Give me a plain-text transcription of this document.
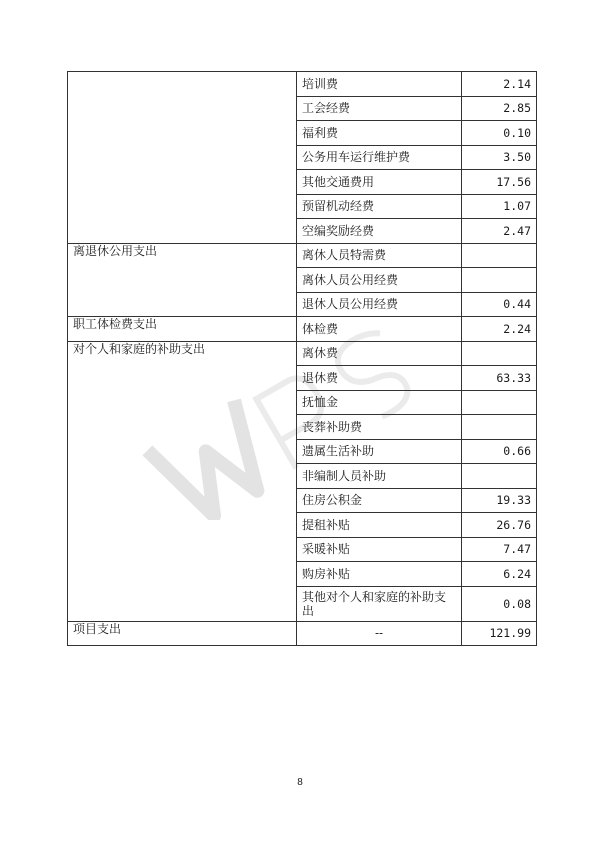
	培训费	2.14
	工会经费	2.85
	福利费	0.10
	公务用车运行维护费	3.50
	其他交通费用	17.56
	预留机动经费	1.07
	空编奖励经费	2.47
离退休公用支出	离休人员特需费	
	离休人员公用经费	
	退休人员公用经费	0.44
职工体检费支出	体检费	2.24
对个人和家庭的补助支出	离休费	
	退休费	63.33
	抚恤金	
	丧葬补助费	
	遗属生活补助	0.66
	非编制人员补助	
	住房公积金	19.33
	提租补贴	26.76
	采暖补贴	7.47
	购房补贴	6.24
	其他对个人和家庭的补助支出	0.08
项目支出	--	121.99
8
